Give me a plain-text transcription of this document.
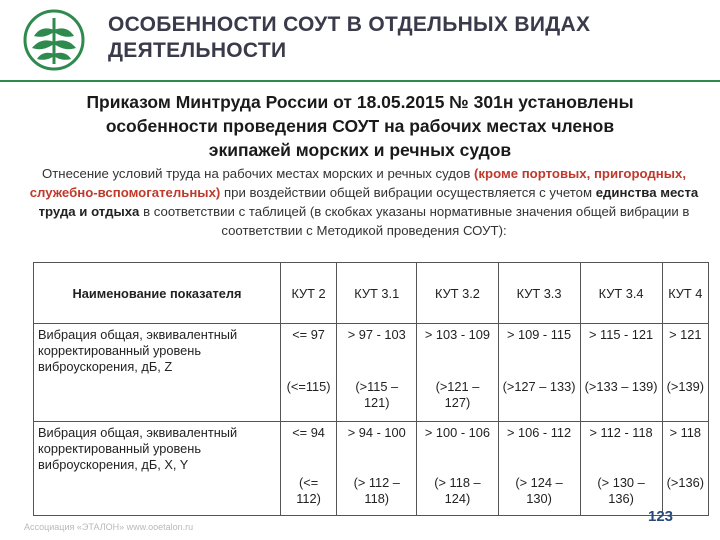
ОСОБЕННОСТИ СОУТ В ОТДЕЛЬНЫХ ВИДАХ
ДЕЯТЕЛЬНОСТИ
Приказом Минтруда России от 18.05.2015 № 301н установлены
особенности проведения СОУТ на рабочих местах членов
экипажей морских и речных судов
Отнесение условий труда на рабочих местах морских и речных судов (кроме портовых, пригородных, служебно-вспомогательных) при воздействии общей вибрации осуществляется с учетом единства места труда и отдыха в соответствии с таблицей (в скобках указаны нормативные значения общей вибрации в соответствии с Методикой проведения СОУТ):
Наименование показателя	КУТ 2	КУТ 3.1	КУТ 3.2	КУТ 3.3	КУТ 3.4	КУТ 4
Вибрация общая, эквивалентный корректированный уровень виброускорения, дБ, Z	<= 97	> 97 - 103	> 103 - 109	> 109 - 115	> 115 - 121	> 121
	(<=115)	(>115 – 121)	(>121 – 127)	(>127 – 133)	(>133 – 139)	(>139)
Вибрация общая, эквивалентный корректированный уровень виброускорения, дБ, X, Y	<= 94	> 94 - 100	> 100 - 106	> 106 - 112	> 112 - 118	> 118
	(<= 112)	(> 112 – 118)	(> 118 – 124)	(> 124 – 130)	(> 130 – 136)	(>136)
Ассоциация «ЭТАЛОН» www.ooetalon.ru
123
